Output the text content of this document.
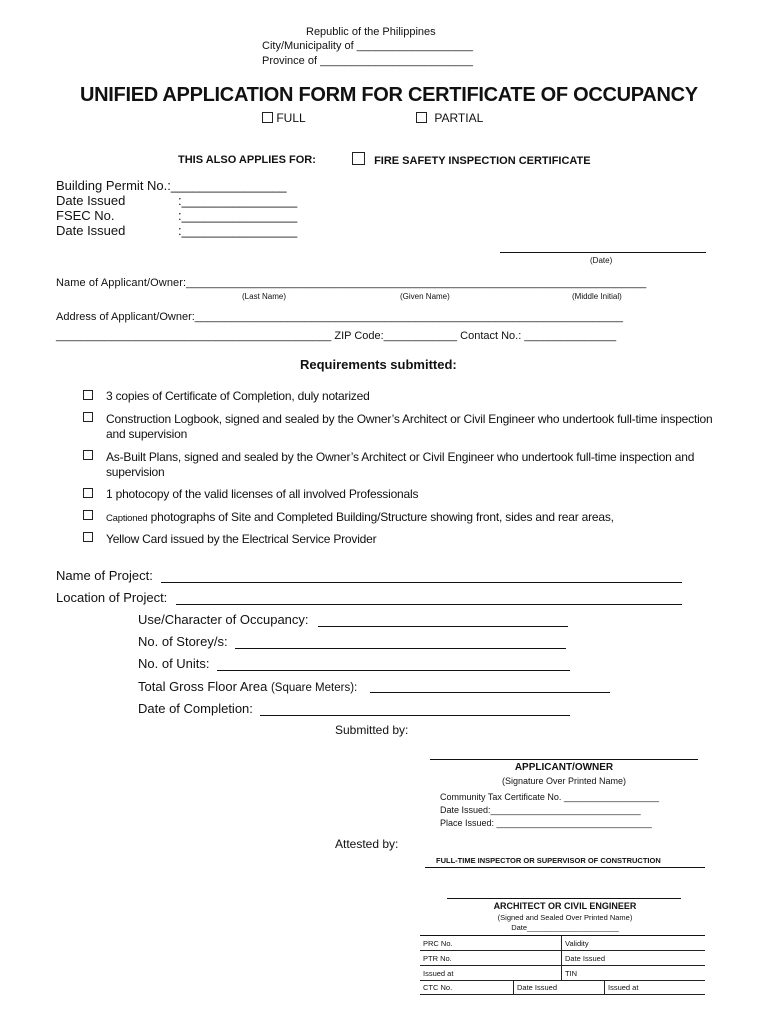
Republic of the Philippines
City/Municipality of ___________________
Province of _________________________
UNIFIED APPLICATION FORM FOR CERTIFICATE OF OCCUPANCY
FULL	PARTIAL
THIS ALSO APPLIES FOR:	FIRE SAFETY INSPECTION CERTIFICATE
Building Permit No.:________________
Date Issued	:________________
FSEC No.	:________________
Date Issued	:________________
(Date)
Name of Applicant/Owner:__________________________________________________________________________
(Last Name)	(Given Name)	(Middle Initial)
Address of Applicant/Owner:______________________________________________________________________
_____________________________________________ ZIP Code:____________ Contact No.: _______________
Requirements submitted:
3 copies of Certificate of Completion, duly notarized
Construction Logbook, signed and sealed by the Owner’s Architect or Civil Engineer who undertook full-time inspection
and supervision
As-Built Plans, signed and sealed by the Owner’s Architect or Civil Engineer who undertook full-time inspection and
supervision
1 photocopy of the valid licenses of all involved Professionals
Captioned photographs of Site and Completed Building/Structure showing front, sides and rear areas,
Yellow Card issued by the Electrical Service Provider
Name of Project:
Location of Project:
Use/Character of Occupancy:
No. of Storey/s:
No. of Units:
Total Gross Floor Area (Square Meters):
Date of Completion:
Submitted by:
APPLICANT/OWNER
(Signature Over Printed Name)
Community Tax Certificate No. ___________________
Date Issued:______________________________
Place Issued: _______________________________
Attested by:
FULL-TIME INSPECTOR OR SUPERVISOR OF CONSTRUCTION
ARCHITECT OR CIVIL ENGINEER
(Signed and Sealed Over Printed Name)
Date______________________
PRC No.	Validity
PTR No.	Date Issued
Issued at	TIN
CTC No.	Date Issued	Issued at
